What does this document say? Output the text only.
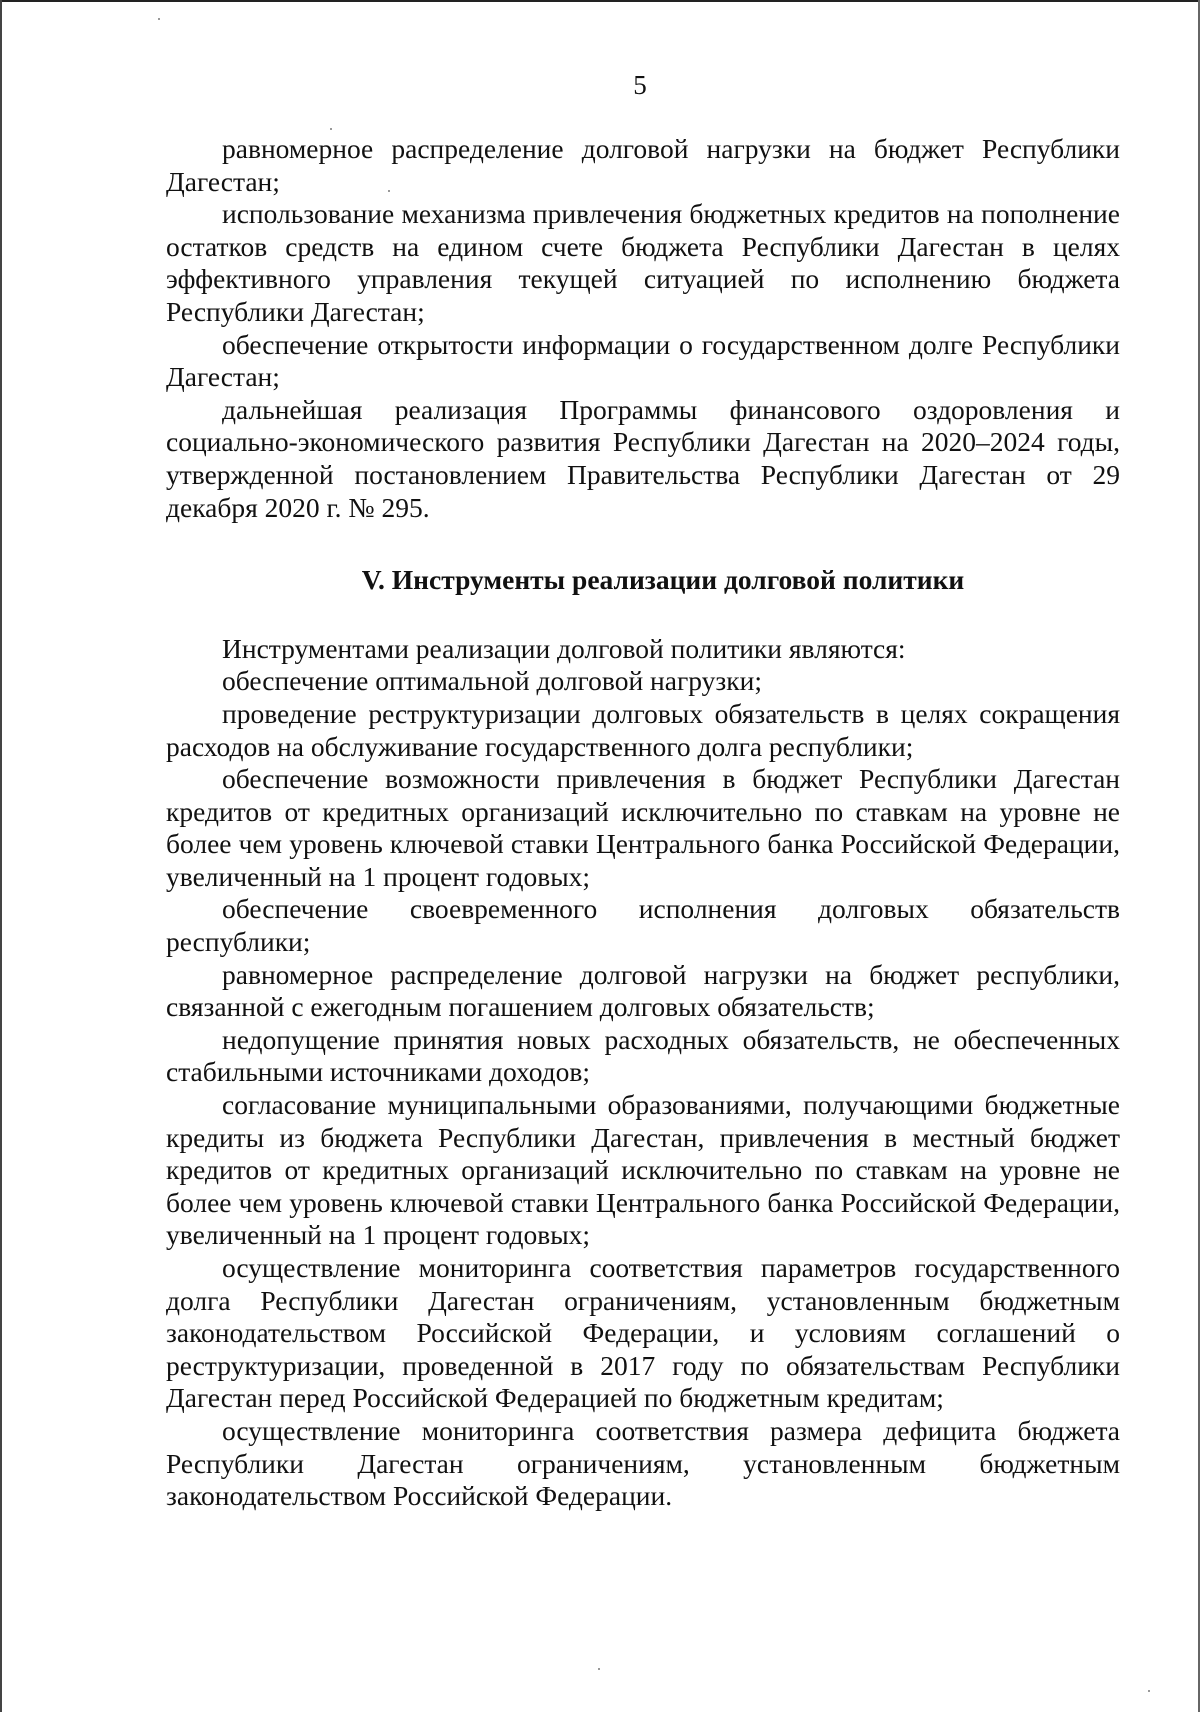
5

равномерное распределение долговой нагрузки на бюджет Республики Дагестан;

использование механизма привлечения бюджетных кредитов на пополнение остатков средств на едином счете бюджета Республики Дагестан в целях эффективного управления текущей ситуацией по исполнению бюджета Республики Дагестан;

обеспечение открытости информации о государственном долге Республики Дагестан;

дальнейшая реализация Программы финансового оздоровления и социально-экономического развития Республики Дагестан на 2020–2024 годы, утвержденной постановлением Правительства Республики Дагестан от 29 декабря 2020 г. № 295.

V. Инструменты реализации долговой политики

Инструментами реализации долговой политики являются:

обеспечение оптимальной долговой нагрузки;

проведение реструктуризации долговых обязательств в целях сокращения расходов на обслуживание государственного долга республики;

обеспечение возможности привлечения в бюджет Республики Дагестан кредитов от кредитных организаций исключительно по ставкам на уровне не более чем уровень ключевой ставки Центрального банка Российской Федерации, увеличенный на 1 процент годовых;

обеспечение своевременного исполнения долговых обязательств республики;

равномерное распределение долговой нагрузки на бюджет республики, связанной с ежегодным погашением долговых обязательств;

недопущение принятия новых расходных обязательств, не обеспеченных стабильными источниками доходов;

согласование муниципальными образованиями, получающими бюджетные кредиты из бюджета Республики Дагестан, привлечения в местный бюджет кредитов от кредитных организаций исключительно по ставкам на уровне не более чем уровень ключевой ставки Центрального банка Российской Федерации, увеличенный на 1 процент годовых;

осуществление мониторинга соответствия параметров государственного долга Республики Дагестан ограничениям, установленным бюджетным законодательством Российской Федерации, и условиям соглашений о реструктуризации, проведенной в 2017 году по обязательствам Республики Дагестан перед Российской Федерацией по бюджетным кредитам;

осуществление мониторинга соответствия размера дефицита бюджета Республики Дагестан ограничениям, установленным бюджетным законодательством Российской Федерации.
